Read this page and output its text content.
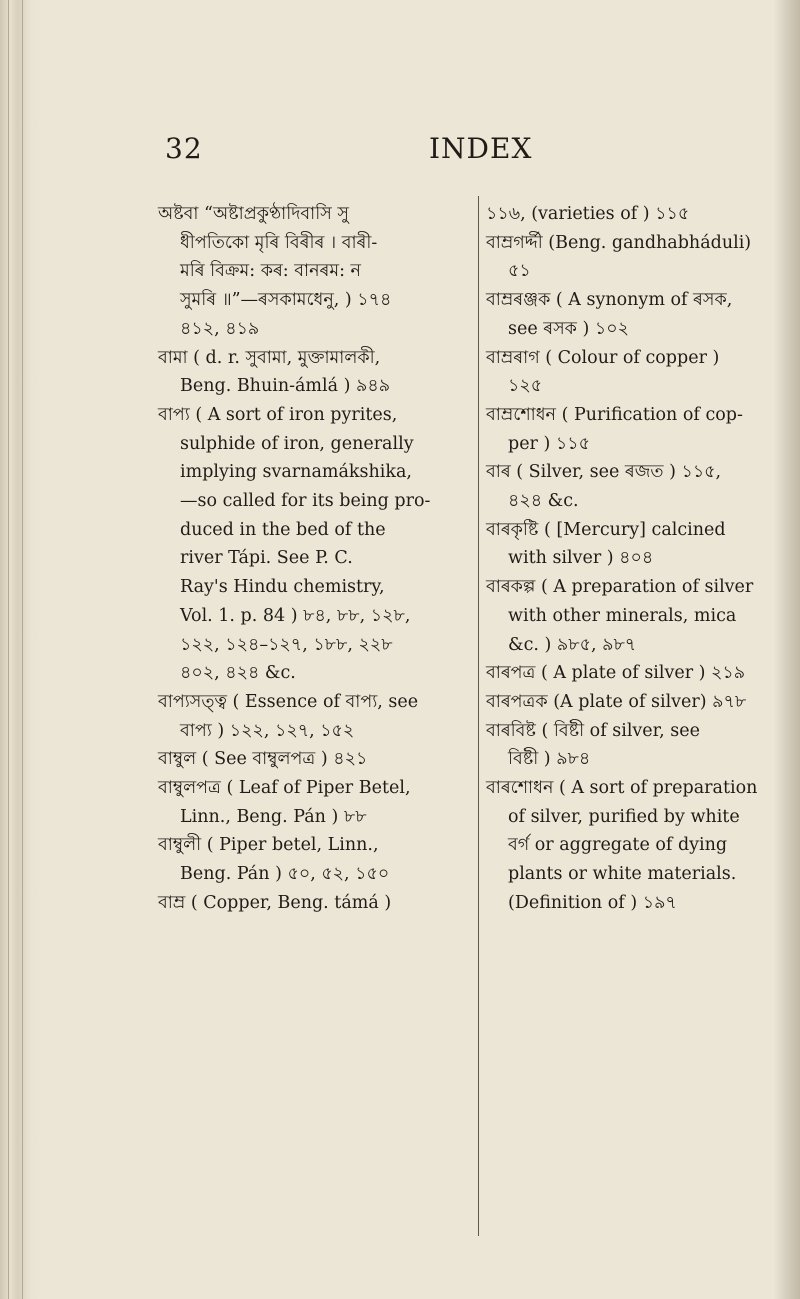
32	INDEX
অষ্টবা “অষ্টাপ্ৰকুণ্ঠাদিবাসি সু
ধীপতিকো মৃৰি বিৰীৰ । বাৰী-
মৰি বিক্ৰম: কৰ: বানৰম: ন
সুমৰি ॥”—ৰসকামধেনু, ) ১৭৪
৪১২, ৪১৯
বামা ( d. r. সুবামা, মুক্তামালকী,
Beng. Bhuin-ámlá ) ৯৪৯
বাপ্য ( A sort of iron pyrites,
sulphide of iron, generally
implying svarnamákshika,
—so called for its being pro-
duced in the bed of the
river Tápi. See P. C.
Ray's Hindu chemistry,
Vol. 1. p. 84 ) ৮৪, ৮৮, ১২৮,
১২২, ১২৪–১২৭, ১৮৮, ২২৮
৪০২, ৪২৪ &c.
বাপ্যসত্ত্ব ( Essence of বাপ্য, see
বাপ্য ) ১২২, ১২৭, ১৫২
বাম্বুল ( See বাম্বুলপত্ৰ ) ৪২১
বাম্বুলপত্ৰ ( Leaf of Piper Betel,
Linn., Beng. Pán ) ৮৮
বাম্বুলী ( Piper betel, Linn.,
Beng. Pán ) ৫০, ৫২, ১৫০
বাম্ৰ ( Copper, Beng. támá )
১১৬, (varieties of ) ১১৫
বাম্ৰগৰ্দ্দী (Beng. gandhabháduli)
৫১
বাম্ৰৰঞ্জক ( A synonym of ৰসক,
see ৰসক ) ১০২
বাম্ৰৰাগ ( Colour of copper )
১২৫
বাম্ৰশোধন ( Purification of cop-
per ) ১১৫
বাৰ ( Silver, see ৰজত ) ১১৫,
৪২৪ &c.
বাৰকৃষ্টি ( [Mercury] calcined
with silver ) ৪০৪
বাৰকল্প ( A preparation of silver
with other minerals, mica
&c. ) ৯৮৫, ৯৮৭
বাৰপত্ৰ ( A plate of silver ) ২১৯
বাৰপত্ৰক (A plate of silver) ৯৭৮
বাৰবিষ্ট ( বিষ্টী of silver, see
বিষ্টী ) ৯৮৪
বাৰশোধন ( A sort of preparation
of silver, purified by white
বৰ্গ or aggregate of dying
plants or white materials.
(Definition of ) ১৯৭
